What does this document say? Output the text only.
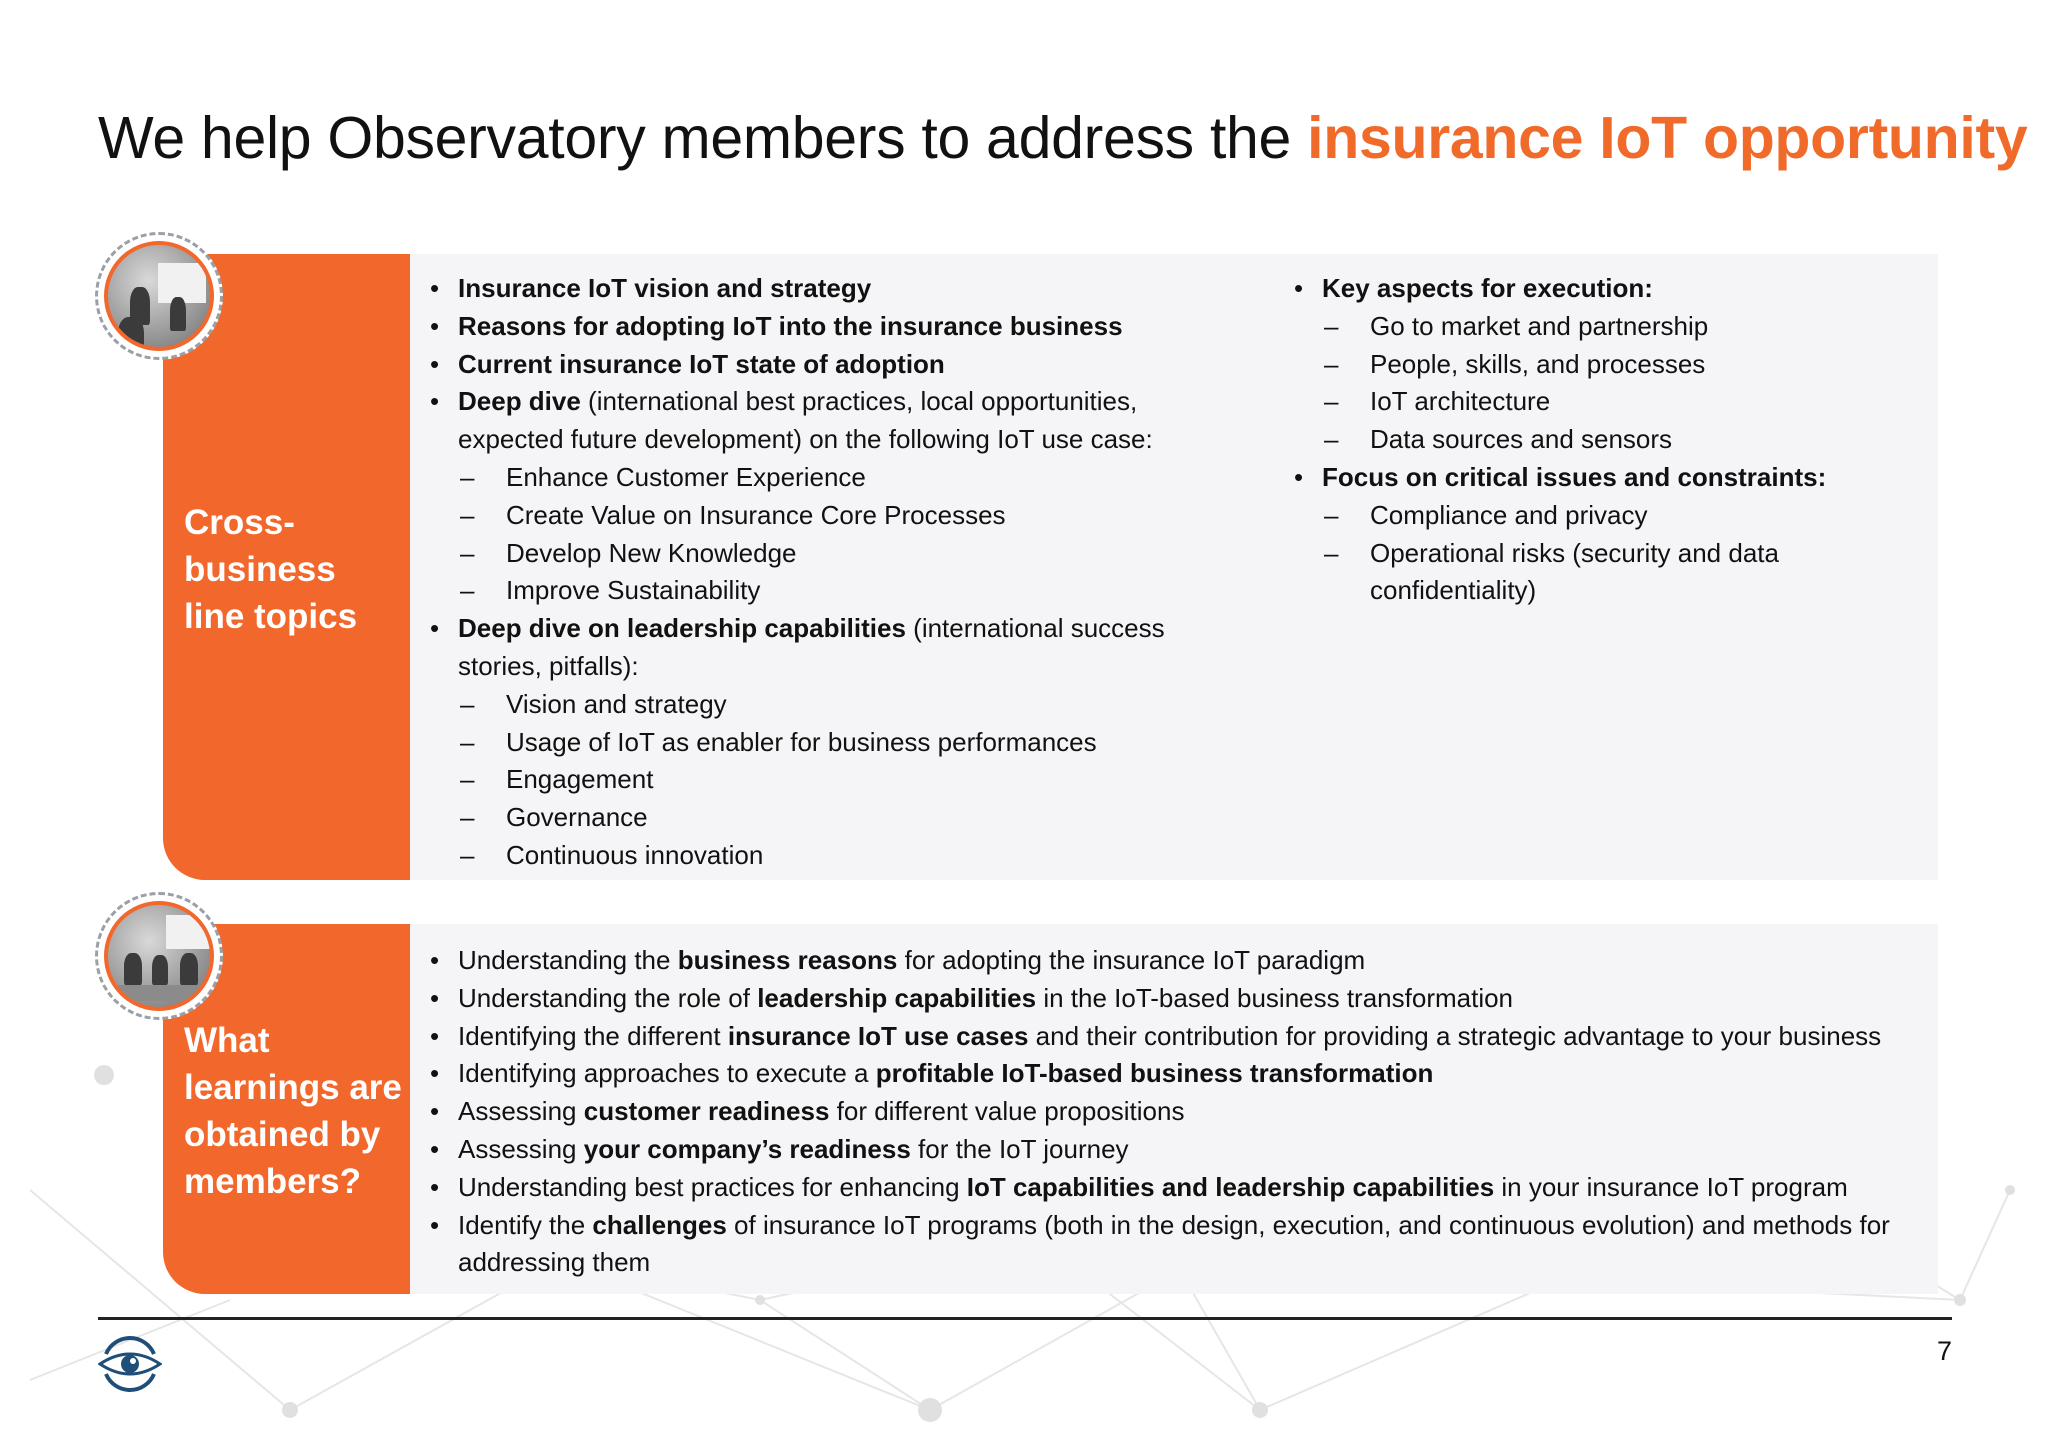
We help Observatory members to address the insurance IoT opportunity
Cross-
business
line topics
• Insurance IoT vision and strategy
• Reasons for adopting IoT into the insurance business
• Current insurance IoT state of adoption
• Deep dive (international best practices, local opportunities, expected future development) on the following IoT use case:
– Enhance Customer Experience
– Create Value on Insurance Core Processes
– Develop New Knowledge
– Improve Sustainability
• Deep dive on leadership capabilities (international success stories, pitfalls):
– Vision and strategy
– Usage of IoT as enabler for business performances
– Engagement
– Governance
– Continuous innovation
• Key aspects for execution:
– Go to market and partnership
– People, skills, and processes
– IoT architecture
– Data sources and sensors
• Focus on critical issues and constraints:
– Compliance and privacy
– Operational risks (security and data confidentiality)
What
learnings are
obtained by
members?
• Understanding the business reasons for adopting the insurance IoT paradigm
• Understanding the role of leadership capabilities in the IoT-based business transformation
• Identifying the different insurance IoT use cases and their contribution for providing a strategic advantage to your business
• Identifying approaches to execute a profitable IoT-based business transformation
• Assessing customer readiness for different value propositions
• Assessing your company’s readiness for the IoT journey
• Understanding best practices for enhancing IoT capabilities and leadership capabilities in your insurance IoT program
• Identify the challenges of insurance IoT programs (both in the design, execution, and continuous evolution) and methods for addressing them
7
